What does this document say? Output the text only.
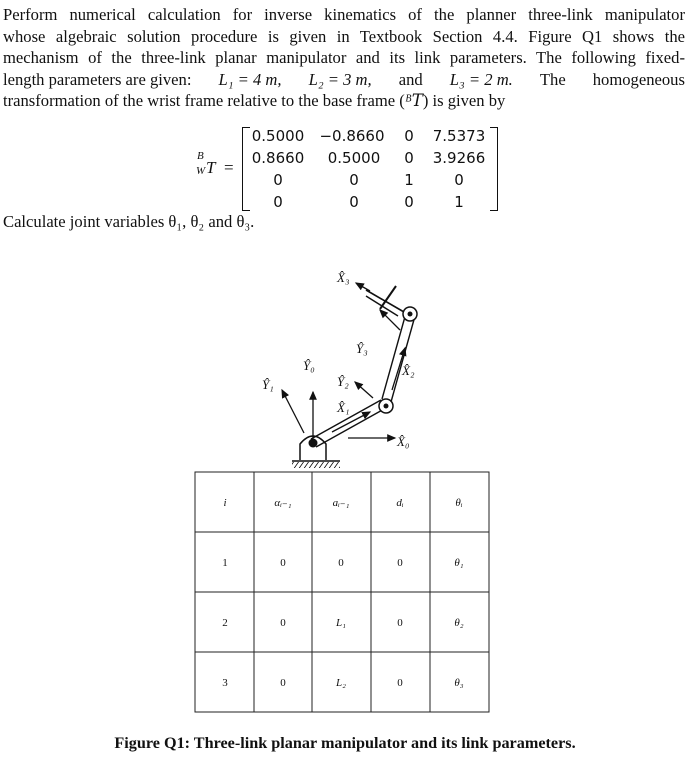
Perform numerical calculation for inverse kinematics of the planner three-link manipulator
whose algebraic solution procedure is given in Textbook Section 4.4. Figure Q1 shows the
mechanism of the three-link planar manipulator and its link parameters. The following fixed-
length parameters are given: L₁ = 4 m, L₂ = 3 m, and L₃ = 2 m. The homogeneous
transformation of the wrist frame relative to the base frame (ᴮ𝑇) is given by
B
W T =
0.5000 −0.8660	0	7.5373
0.8660	0.5000	0	3.9266
0	0	1	0
0	0	0	1
Calculate joint variables θ₁, θ₂ and θ₃.
X̂₃
Ŷ₃
X̂₂
Ŷ₂
X̂₁
Ŷ₁
Ŷ₀
X̂₀
i	αᵢ₋₁	aᵢ₋₁	dᵢ	θᵢ
1	0	0	0	θ₁
2	0	L₁	0	θ₂
3	0	L₂	0	θ₃
Figure Q1: Three-link planar manipulator and its link parameters.
